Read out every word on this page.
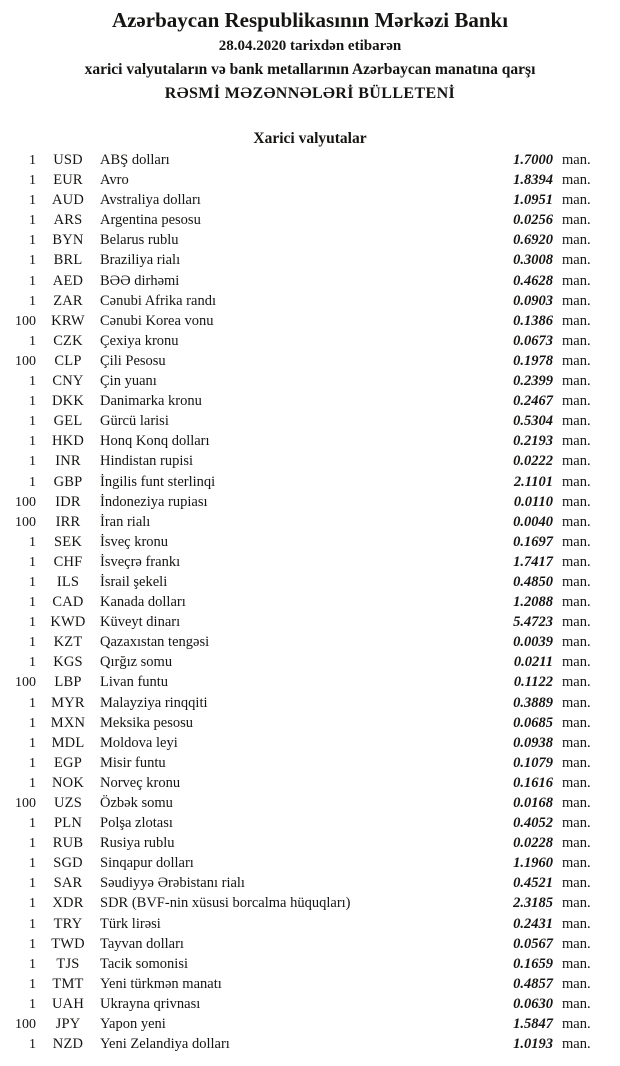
Azərbaycan Respublikasının Mərkəzi Bankı
28.04.2020 tarixdən etibarən
xarici valyutaların və bank metallarının Azərbaycan manatına qarşı
RƏSMİ MƏZƏNNƏLƏRİ BÜLLETENİ
Xarici valyutalar
1	USD	ABŞ dolları	1.7000 man.
1	EUR	Avro	1.8394 man.
1	AUD	Avstraliya dolları	1.0951 man.
1	ARS	Argentina pesosu	0.0256 man.
1	BYN	Belarus rublu	0.6920 man.
1	BRL	Braziliya rialı	0.3008 man.
1	AED	BƏƏ dirhəmi	0.4628 man.
1	ZAR	Cənubi Afrika randı	0.0903 man.
100	KRW	Cənubi Korea vonu	0.1386 man.
1	CZK	Çexiya kronu	0.0673 man.
100	CLP	Çili Pesosu	0.1978 man.
1	CNY	Çin yuanı	0.2399 man.
1	DKK	Danimarka kronu	0.2467 man.
1	GEL	Gürcü larisi	0.5304 man.
1	HKD	Honq Konq dolları	0.2193 man.
1	INR	Hindistan rupisi	0.0222 man.
1	GBP	İngilis funt sterlinqi	2.1101 man.
100	IDR	İndoneziya rupiası	0.0110 man.
100	IRR	İran rialı	0.0040 man.
1	SEK	İsveç kronu	0.1697 man.
1	CHF	İsveçrə frankı	1.7417 man.
1	ILS	İsrail şekeli	0.4850 man.
1	CAD	Kanada dolları	1.2088 man.
1 KWD Küveyt dinarı	5.4723 man.
1	KZT	Qazaxıstan tengəsi	0.0039 man.
1	KGS	Qırğız somu	0.0211 man.
100	LBP	Livan funtu	0.1122 man.
1	MYR	Malayziya rinqqiti	0.3889 man.
1	MXN	Meksika pesosu	0.0685 man.
1	MDL	Moldova leyi	0.0938 man.
1	EGP	Misir funtu	0.1079 man.
1	NOK	Norveç kronu	0.1616 man.
100	UZS	Özbək somu	0.0168 man.
1	PLN	Polşa zlotası	0.4052 man.
1	RUB	Rusiya rublu	0.0228 man.
1	SGD	Sinqapur dolları	1.1960 man.
1	SAR	Səudiyyə Ərəbistanı rialı	0.4521 man.
1	XDR	SDR (BVF-nin xüsusi borcalma hüquqları)	2.3185 man.
1	TRY	Türk lirəsi	0.2431 man.
1	TWD	Tayvan dolları	0.0567 man.
1	TJS	Tacik somonisi	0.1659 man.
1	TMT	Yeni türkmən manatı	0.4857 man.
1	UAH	Ukrayna qrivnası	0.0630 man.
100	JPY	Yapon yeni	1.5847 man.
1	NZD	Yeni Zelandiya dolları	1.0193 man.
